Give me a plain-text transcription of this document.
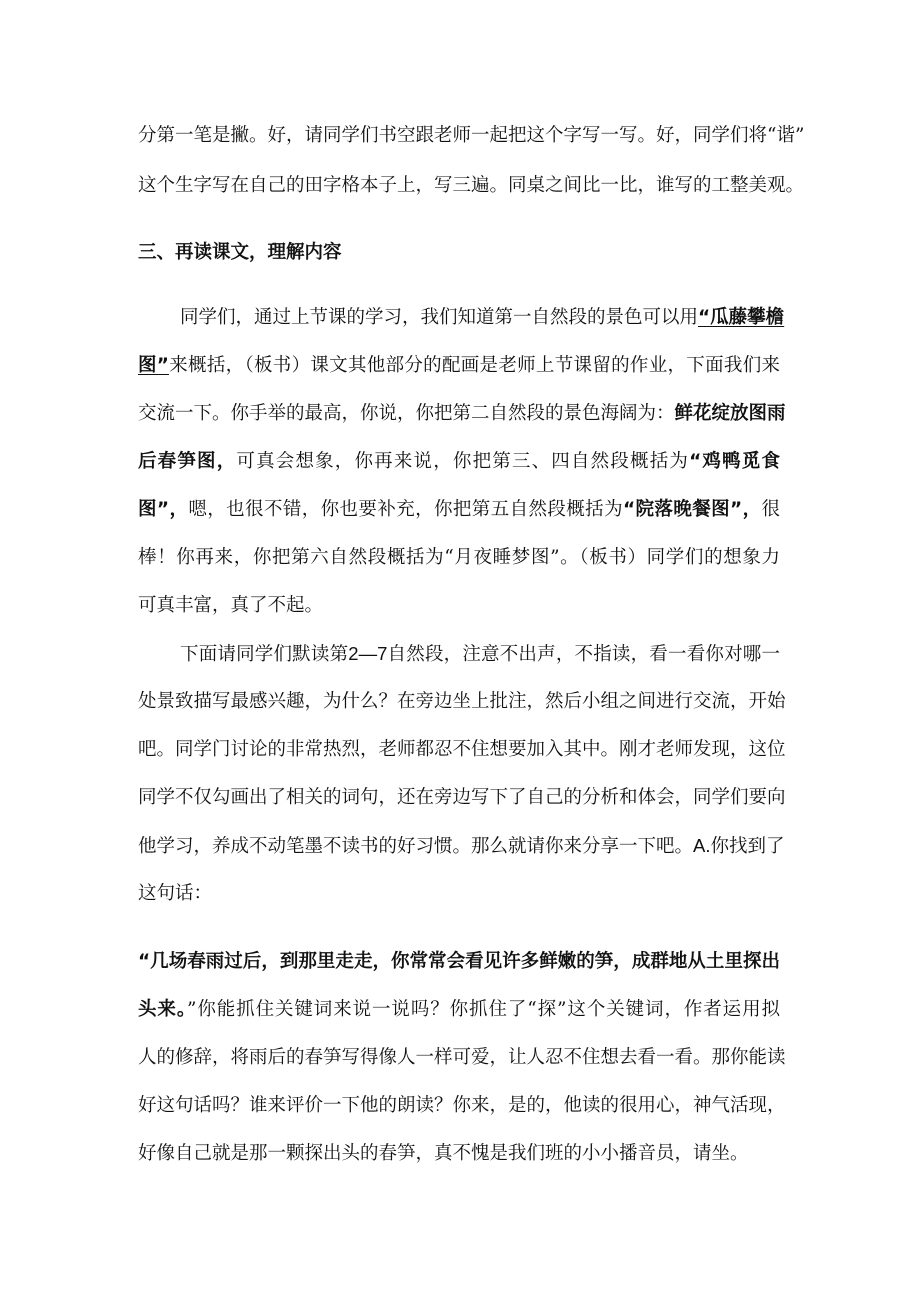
分第一笔是撇。好，请同学们书空跟老师一起把这个字写一写。好，同学们将“谐”
这个生字写在自己的田字格本子上，写三遍。同桌之间比一比，谁写的工整美观。
三、再读课文，理解内容
同学们，通过上节课的学习，我们知道第一自然段的景色可以用“瓜藤攀檐
图”来概括，（板书）课文其他部分的配画是老师上节课留的作业，下面我们来
交流一下。你手举的最高，你说，你把第二自然段的景色海阔为：鲜花绽放图雨
后春笋图，可真会想象，你再来说，你把第三、四自然段概括为“鸡鸭觅食
图”，嗯，也很不错，你也要补充，你把第五自然段概括为“院落晚餐图”，很
棒！你再来，你把第六自然段概括为“月夜睡梦图”。（板书）同学们的想象力
可真丰富，真了不起。
下面请同学们默读第2—7自然段，注意不出声，不指读，看一看你对哪一
处景致描写最感兴趣，为什么？在旁边坐上批注，然后小组之间进行交流，开始
吧。同学门讨论的非常热烈，老师都忍不住想要加入其中。刚才老师发现，这位
同学不仅勾画出了相关的词句，还在旁边写下了自己的分析和体会，同学们要向
他学习，养成不动笔墨不读书的好习惯。那么就请你来分享一下吧。A.你找到了
这句话：
“几场春雨过后，到那里走走，你常常会看见许多鲜嫩的笋，成群地从土里探出
头来。”你能抓住关键词来说一说吗？你抓住了“探”这个关键词，作者运用拟
人的修辞，将雨后的春笋写得像人一样可爱，让人忍不住想去看一看。那你能读
好这句话吗？谁来评价一下他的朗读？你来，是的，他读的很用心，神气活现，
好像自己就是那一颗探出头的春笋，真不愧是我们班的小小播音员，请坐。
